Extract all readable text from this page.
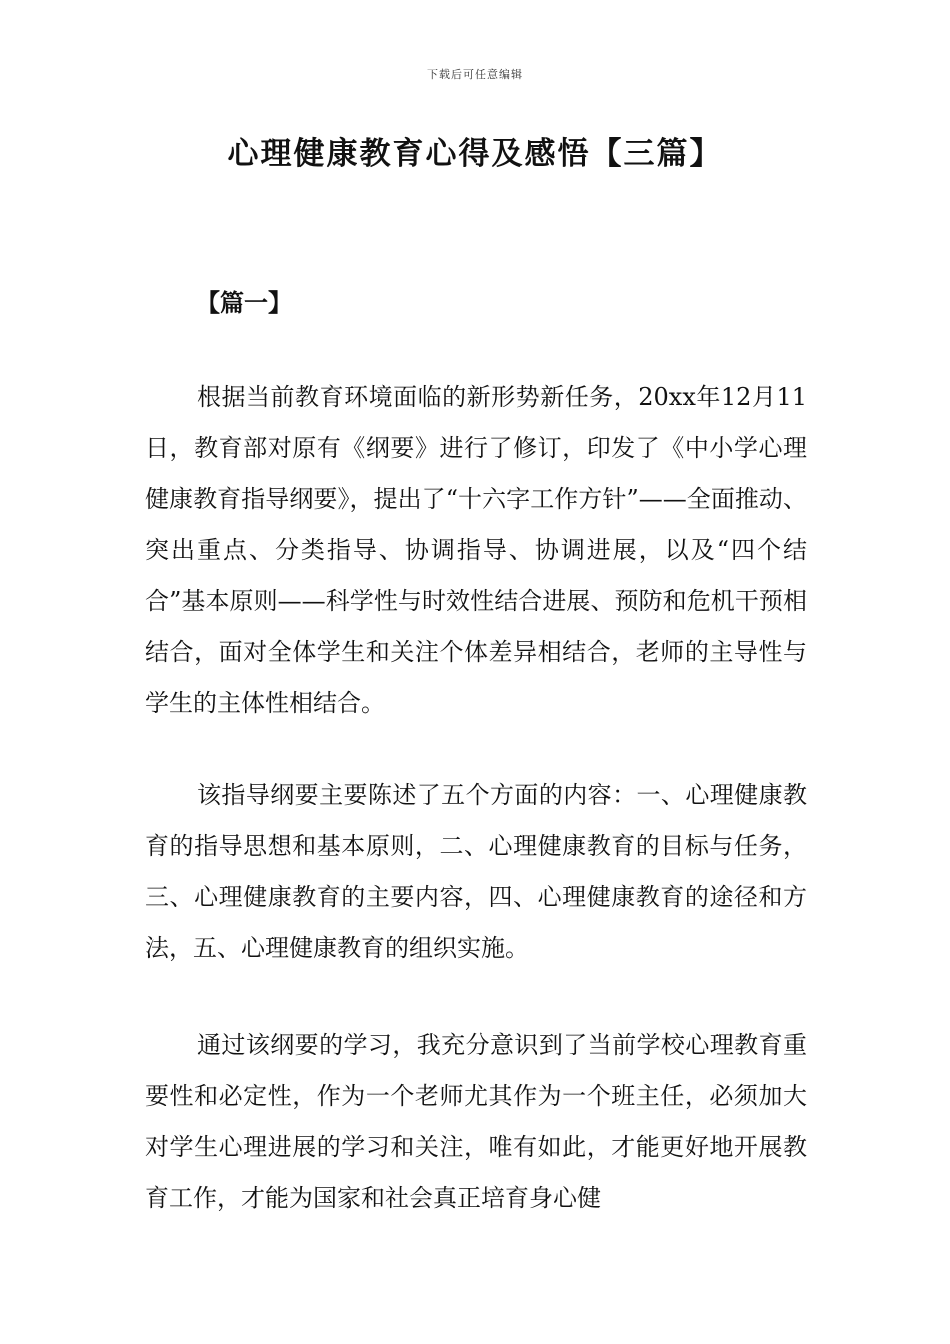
下载后可任意编辑
心理健康教育心得及感悟【三篇】
【篇一】

根据当前教育环境面临的新形势新任务，20xx年12月11日，教育部对原有《纲要》进行了修订，印发了《中小学心理健康教育指导纲要》，提出了“十六字工作方针”——全面推动、突出重点、分类指导、协调指导、协调进展，以及“四个结合”基本原则——科学性与时效性结合进展、预防和危机干预相结合，面对全体学生和关注个体差异相结合，老师的主导性与学生的主体性相结合。

该指导纲要主要陈述了五个方面的内容：一、心理健康教育的指导思想和基本原则，二、心理健康教育的目标与任务，三、心理健康教育的主要内容，四、心理健康教育的途径和方法，五、心理健康教育的组织实施。

通过该纲要的学习，我充分意识到了当前学校心理教育重要性和必定性，作为一个老师尤其作为一个班主任，必须加大对学生心理进展的学习和关注，唯有如此，才能更好地开展教育工作，才能为国家和社会真正培育身心健
